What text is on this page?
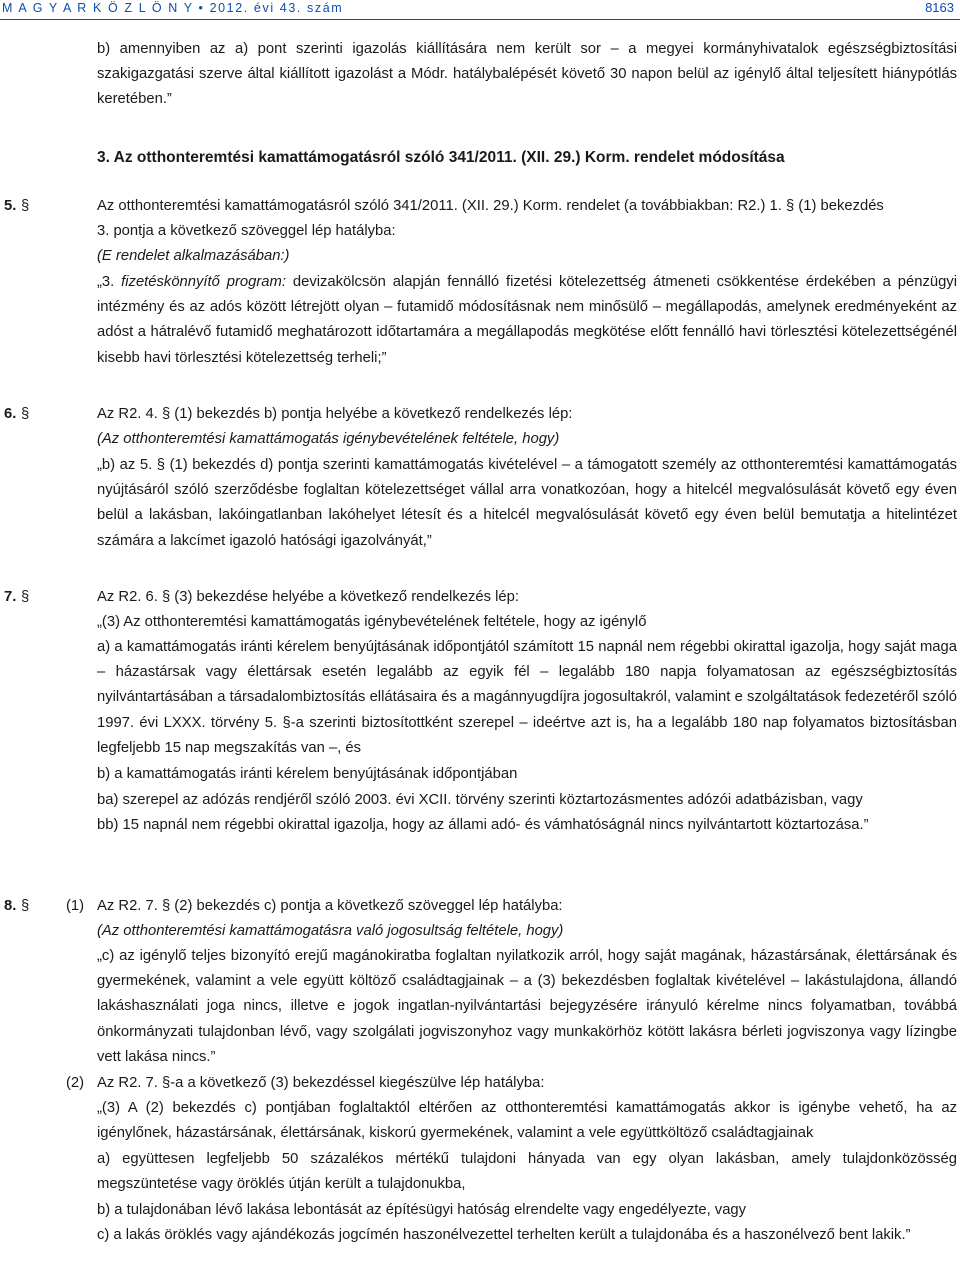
M A G Y A R K Ö Z L Ö N Y • 2012. évi 43. szám	8163
b) amennyiben az a) pont szerinti igazolás kiállítására nem került sor – a megyei kormányhivatalok egészségbiztosítási szakigazgatási szerve által kiállított igazolást a Módr. hatálybalépését követő 30 napon belül az igénylő által teljesített hiánypótlás keretében.”
3. Az otthonteremtési kamattámogatásról szóló 341/2011. (XII. 29.) Korm. rendelet módosítása
5. §	Az otthonteremtési kamattámogatásról szóló 341/2011. (XII. 29.) Korm. rendelet (a továbbiakban: R2.) 1. § (1) bekezdés
3. pontja a következő szöveggel lép hatályba:
(E rendelet alkalmazásában:)
„3. fizetéskönnyítő program: devizakölcsön alapján fennálló fizetési kötelezettség átmeneti csökkentése érdekében a pénzügyi intézmény és az adós között létrejött olyan – futamidő módosításnak nem minősülő – megállapodás, amelynek eredményeként az adóst a hátralévő futamidő meghatározott időtartamára a megállapodás megkötése előtt fennálló havi törlesztési kötelezettségénél kisebb havi törlesztési kötelezettség terheli;”
6. §	Az R2. 4. § (1) bekezdés b) pontja helyébe a következő rendelkezés lép:
(Az otthonteremtési kamattámogatás igénybevételének feltétele, hogy)
„b) az 5. § (1) bekezdés d) pontja szerinti kamattámogatás kivételével – a támogatott személy az otthonteremtési kamattámogatás nyújtásáról szóló szerződésbe foglaltan kötelezettséget vállal arra vonatkozóan, hogy a hitelcél megvalósulását követő egy éven belül a lakásban, lakóingatlanban lakóhelyet létesít és a hitelcél megvalósulását követő egy éven belül bemutatja a hitelintézet számára a lakcímet igazoló hatósági igazolványát,”
7. §	Az R2. 6. § (3) bekezdése helyébe a következő rendelkezés lép:
„(3) Az otthonteremtési kamattámogatás igénybevételének feltétele, hogy az igénylő
a) a kamattámogatás iránti kérelem benyújtásának időpontjától számított 15 napnál nem régebbi okirattal igazolja, hogy saját maga – házastársak vagy élettársak esetén legalább az egyik fél – legalább 180 napja folyamatosan az egészségbiztosítás nyilvántartásában a társadalombiztosítás ellátásaira és a magánnyugdíjra jogosultakról, valamint e szolgáltatások fedezetéről szóló 1997. évi LXXX. törvény 5. §-a szerinti biztosítottként szerepel – ideértve azt is, ha a legalább 180 nap folyamatos biztosításban legfeljebb 15 nap megszakítás van –, és
b) a kamattámogatás iránti kérelem benyújtásának időpontjában
ba) szerepel az adózás rendjéről szóló 2003. évi XCII. törvény szerinti köztartozásmentes adózói adatbázisban, vagy
bb) 15 napnál nem régebbi okirattal igazolja, hogy az állami adó- és vámhatóságnál nincs nyilvántartott köztartozása.”
8. § (1) Az R2. 7. § (2) bekezdés c) pontja a következő szöveggel lép hatályba:
(Az otthonteremtési kamattámogatásra való jogosultság feltétele, hogy)
„c) az igénylő teljes bizonyító erejű magánokiratba foglaltan nyilatkozik arról, hogy saját magának, házastársának, élettársának és gyermekének, valamint a vele együtt költöző családtagjainak – a (3) bekezdésben foglaltak kivételével – lakástulajdona, állandó lakáshasználati joga nincs, illetve e jogok ingatlan-nyilvántartási bejegyzésére irányuló kérelme nincs folyamatban, továbbá önkormányzati tulajdonban lévő, vagy szolgálati jogviszonyhoz vagy munkakörhöz kötött lakásra bérleti jogviszonya vagy lízingbe vett lakása nincs.”
(2) Az R2. 7. §-a a következő (3) bekezdéssel kiegészülve lép hatályba:
„(3) A (2) bekezdés c) pontjában foglaltaktól eltérően az otthonteremtési kamattámogatás akkor is igénybe vehető, ha az igénylőnek, házastársának, élettársának, kiskorú gyermekének, valamint a vele együttköltöző családtagjainak
a) együttesen legfeljebb 50 százalékos mértékű tulajdoni hányada van egy olyan lakásban, amely tulajdonközösség megszüntetése vagy öröklés útján került a tulajdonukba,
b) a tulajdonában lévő lakása lebontását az építésügyi hatóság elrendelte vagy engedélyezte, vagy
c) a lakás öröklés vagy ajándékozás jogcímén haszonélvezettel terhelten került a tulajdonába és a haszonélvező bent lakik.”
